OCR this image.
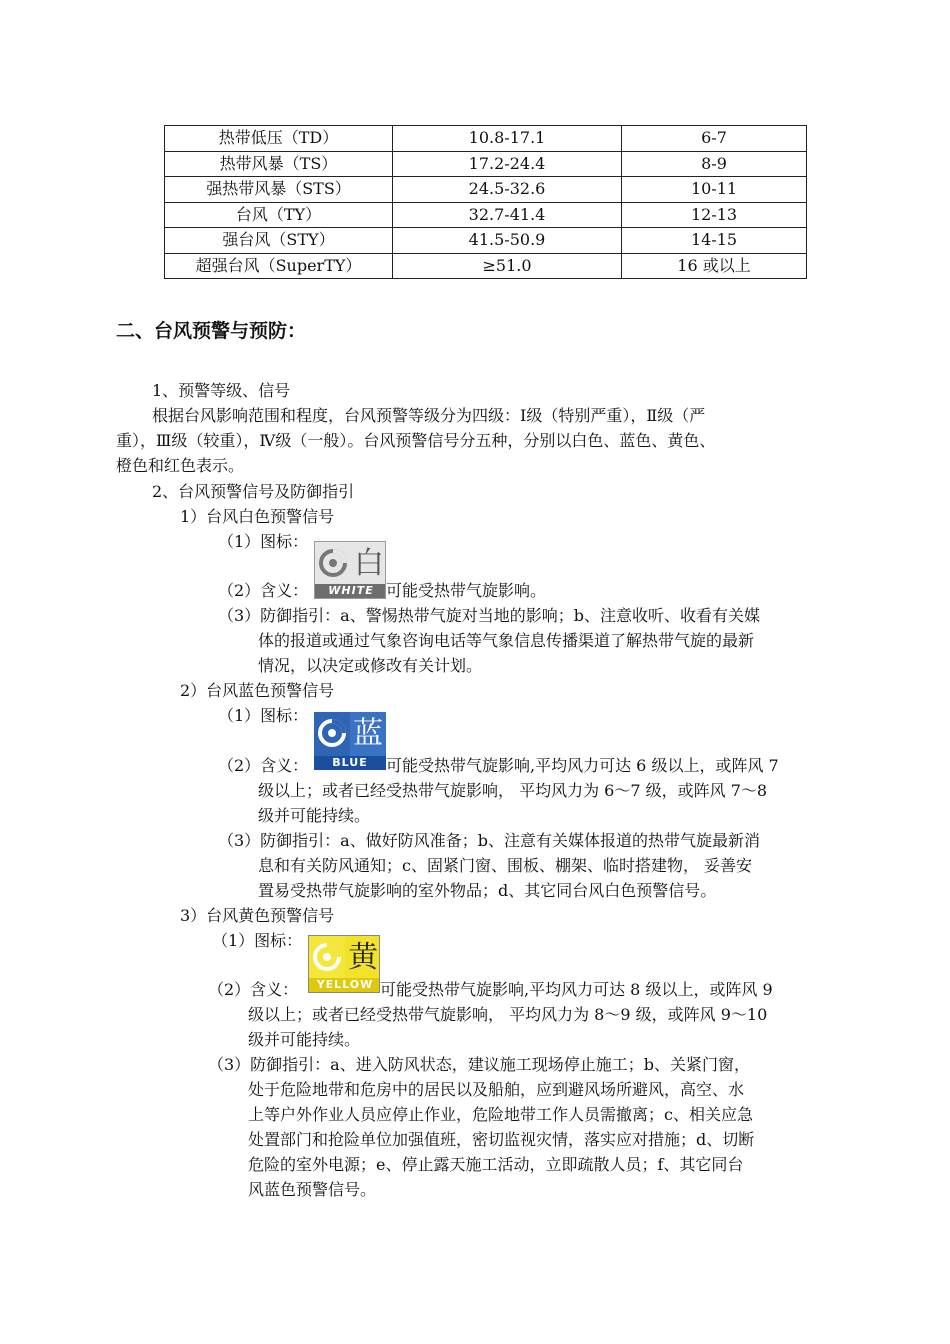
热带低压（TD）	10.8-17.1	6-7
热带风暴（TS）	17.2-24.4	8-9
强热带风暴（STS）	24.5-32.6	10-11
台风（TY）	32.7-41.4	12-13
强台风（STY）	41.5-50.9	14-15
超强台风（SuperTY）	≥51.0	16 或以上
二、台风预警与预防：
1、预警等级、信号
根据台风影响范围和程度，台风预警等级分为四级：Ⅰ级（特别严重），Ⅱ级（严
重），Ⅲ级（较重），Ⅳ级（一般）。台风预警信号分五种，分别以白色、蓝色、黄色、
橙色和红色表示。
2、台风预警信号及防御指引
1）台风白色预警信号
（1）图标：
白
WHITE
（2）含义：	可能受热带气旋影响。
（3）防御指引：a、警惕热带气旋对当地的影响；b、注意收听、收看有关媒
体的报道或通过气象咨询电话等气象信息传播渠道了解热带气旋的最新
情况，以决定或修改有关计划。
2）台风蓝色预警信号
（1）图标：
蓝
BLUE
（2）含义：	可能受热带气旋影响,平均风力可达 6 级以上，或阵风 7
级以上；或者已经受热带气旋影响， 平均风力为 6～7 级，或阵风 7～8
级并可能持续。
（3）防御指引：a、做好防风准备；b、注意有关媒体报道的热带气旋最新消
息和有关防风通知；c、固紧门窗、围板、棚架、临时搭建物， 妥善安
置易受热带气旋影响的室外物品；d、其它同台风白色预警信号。
3）台风黄色预警信号
（1）图标： 黄
YELLOW
（2）含义：	可能受热带气旋影响,平均风力可达 8 级以上，或阵风 9
级以上；或者已经受热带气旋影响， 平均风力为 8～9 级，或阵风 9～10
级并可能持续。
（3）防御指引：a、进入防风状态，建议施工现场停止施工；b、关紧门窗，
处于危险地带和危房中的居民以及船舶，应到避风场所避风，高空、水
上等户外作业人员应停止作业，危险地带工作人员需撤离；c、相关应急
处置部门和抢险单位加强值班，密切监视灾情，落实应对措施；d、切断
危险的室外电源；e、停止露天施工活动，立即疏散人员；f、其它同台
风蓝色预警信号。
